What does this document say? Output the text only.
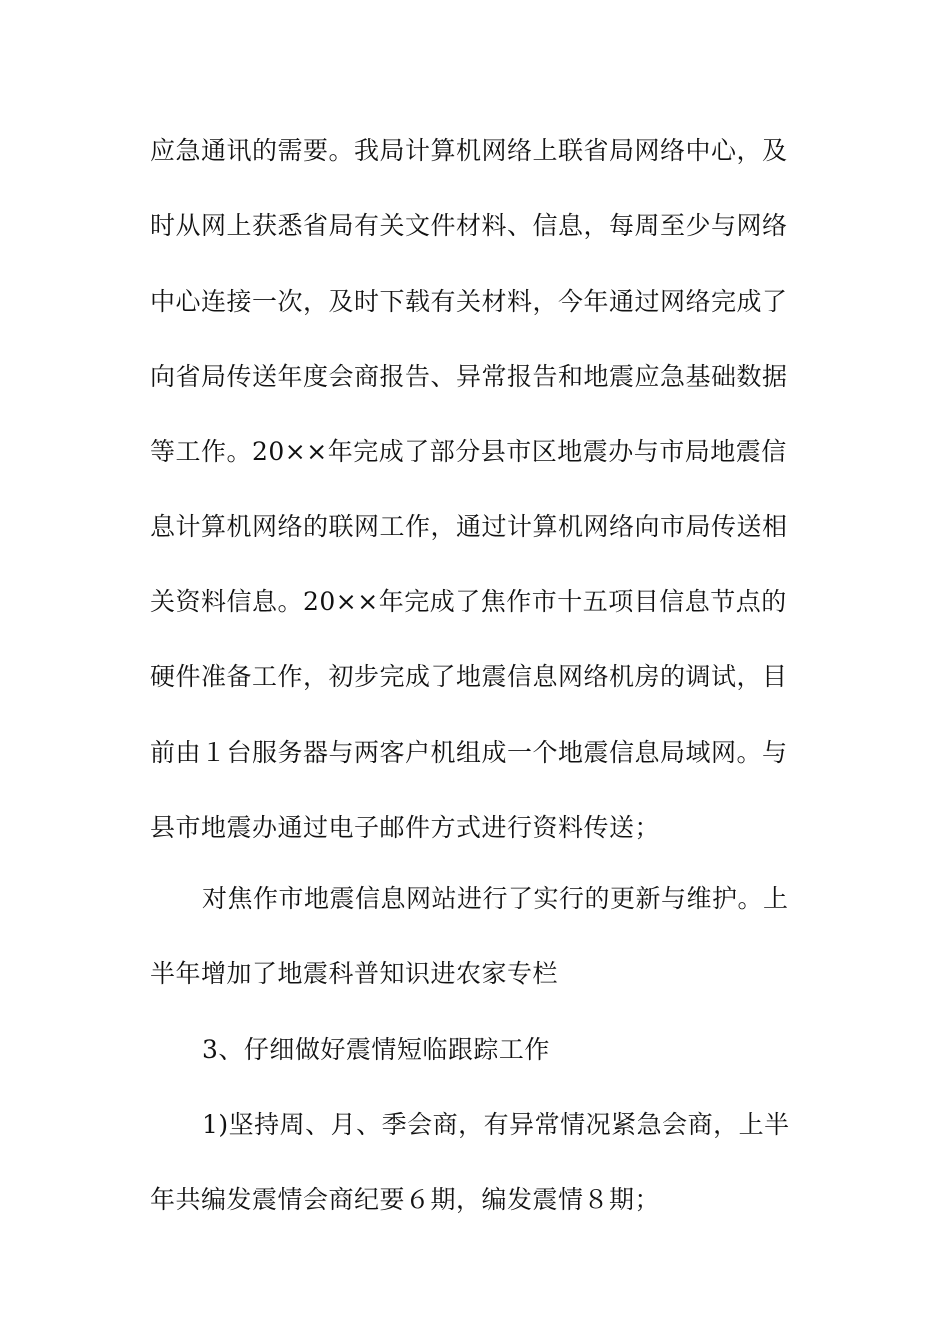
应急通讯的需要。我局计算机网络上联省局网络中心，及
时从网上获悉省局有关文件材料、信息，每周至少与网络
中心连接一次，及时下载有关材料，今年通过网络完成了
向省局传送年度会商报告、异常报告和地震应急基础数据
等工作。20××年完成了部分县市区地震办与市局地震信
息计算机网络的联网工作，通过计算机网络向市局传送相
关资料信息。20××年完成了焦作市十五项目信息节点的
硬件准备工作，初步完成了地震信息网络机房的调试，目
前由１台服务器与两客户机组成一个地震信息局域网。与
县市地震办通过电子邮件方式进行资料传送；
对焦作市地震信息网站进行了实行的更新与维护。上
半年增加了地震科普知识进农家专栏
3、仔细做好震情短临跟踪工作
1)坚持周、月、季会商，有异常情况紧急会商，上半
年共编发震情会商纪要６期，编发震情８期；
